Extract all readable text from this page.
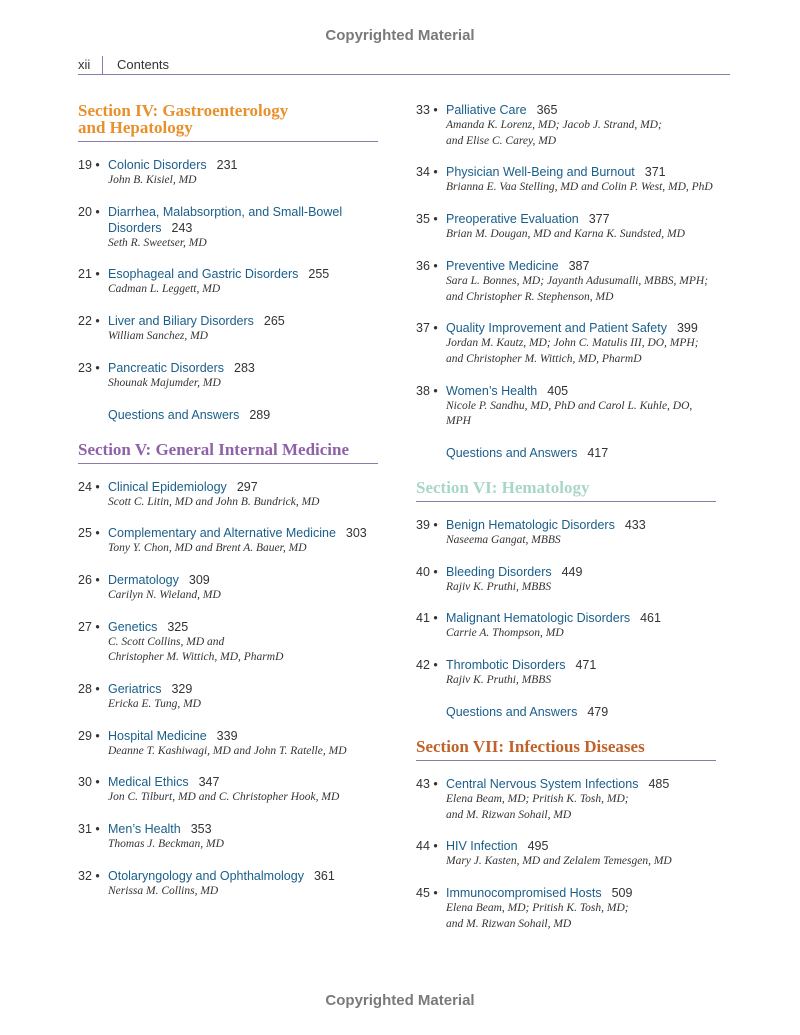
Copyrighted Material
xii Contents
Section IV: Gastroenterology
and Hepatology
19 • Colonic Disorders 231
John B. Kisiel, MD
20 • Diarrhea, Malabsorption, and Small-Bowel Disorders 243
Seth R. Sweetser, MD
21 • Esophageal and Gastric Disorders 255
Cadman L. Leggett, MD
22 • Liver and Biliary Disorders 265
William Sanchez, MD
23 • Pancreatic Disorders 283
Shounak Majumder, MD
Questions and Answers 289
Section V: General Internal Medicine
24 • Clinical Epidemiology 297
Scott C. Litin, MD and John B. Bundrick, MD
25 • Complementary and Alternative Medicine 303
Tony Y. Chon, MD and Brent A. Bauer, MD
26 • Dermatology 309
Carilyn N. Wieland, MD
27 • Genetics 325
C. Scott Collins, MD and
Christopher M. Wittich, MD, PharmD
28 • Geriatrics 329
Ericka E. Tung, MD
29 • Hospital Medicine 339
Deanne T. Kashiwagi, MD and John T. Ratelle, MD
30 • Medical Ethics 347
Jon C. Tilburt, MD and C. Christopher Hook, MD
31 • Men’s Health 353
Thomas J. Beckman, MD
32 • Otolaryngology and Ophthalmology 361
Nerissa M. Collins, MD
33 • Palliative Care 365
Amanda K. Lorenz, MD; Jacob J. Strand, MD;
and Elise C. Carey, MD
34 • Physician Well-Being and Burnout 371
Brianna E. Vaa Stelling, MD and Colin P. West, MD, PhD
35 • Preoperative Evaluation 377
Brian M. Dougan, MD and Karna K. Sundsted, MD
36 • Preventive Medicine 387
Sara L. Bonnes, MD; Jayanth Adusumalli, MBBS, MPH;
and Christopher R. Stephenson, MD
37 • Quality Improvement and Patient Safety 399
Jordan M. Kautz, MD; John C. Matulis III, DO, MPH;
and Christopher M. Wittich, MD, PharmD
38 • Women’s Health 405
Nicole P. Sandhu, MD, PhD and Carol L. Kuhle, DO, MPH
Questions and Answers 417
Section VI: Hematology
39 • Benign Hematologic Disorders 433
Naseema Gangat, MBBS
40 • Bleeding Disorders 449
Rajiv K. Pruthi, MBBS
41 • Malignant Hematologic Disorders 461
Carrie A. Thompson, MD
42 • Thrombotic Disorders 471
Rajiv K. Pruthi, MBBS
Questions and Answers 479
Section VII: Infectious Diseases
43 • Central Nervous System Infections 485
Elena Beam, MD; Pritish K. Tosh, MD;
and M. Rizwan Sohail, MD
44 • HIV Infection 495
Mary J. Kasten, MD and Zelalem Temesgen, MD
45 • Immunocompromised Hosts 509
Elena Beam, MD; Pritish K. Tosh, MD;
and M. Rizwan Sohail, MD
Copyrighted Material
